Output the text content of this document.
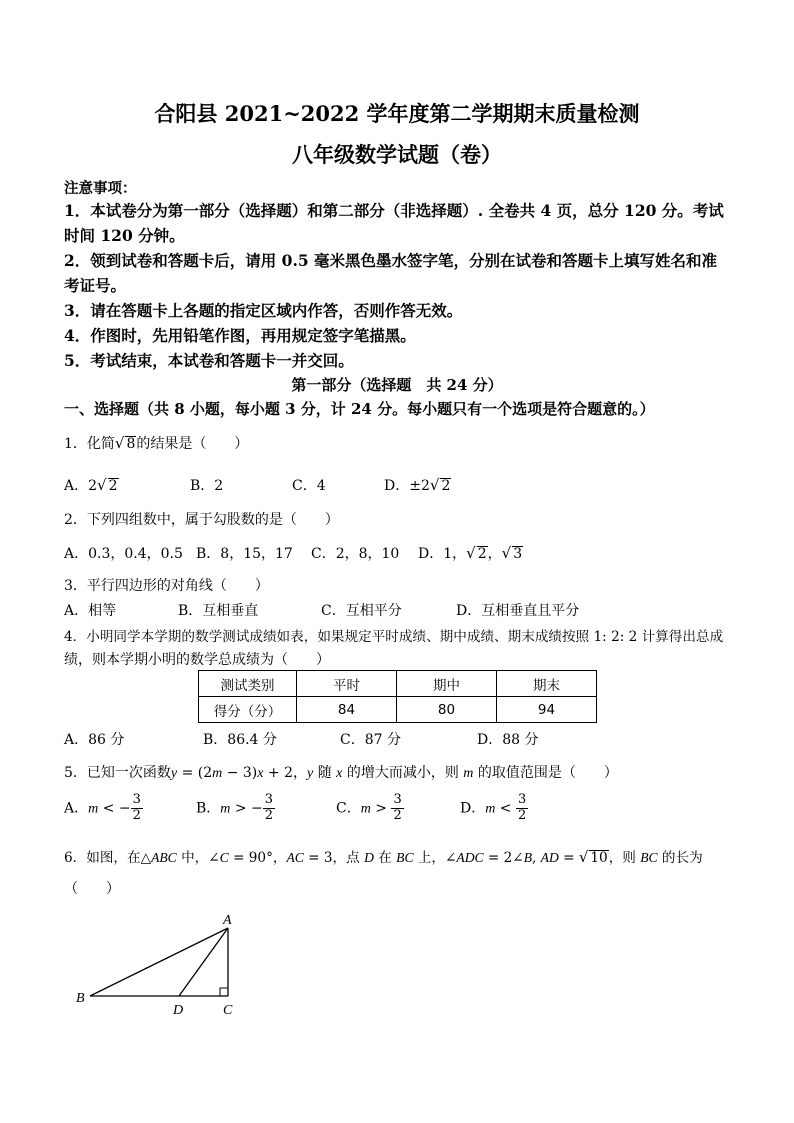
合阳县 2021~2022 学年度第二学期期末质量检测
八年级数学试题（卷）
注意事项：
1．本试卷分为第一部分（选择题）和第二部分（非选择题）. 全卷共 4 页，总分 120 分。考试
时间 120 分钟。
2．领到试卷和答题卡后，请用 0.5 毫米黑色墨水签字笔，分别在试卷和答题卡上填写姓名和准
考证号。
3．请在答题卡上各题的指定区域内作答，否则作答无效。
4．作图时，先用铅笔作图，再用规定签字笔描黑。
5．考试结束，本试卷和答题卡一并交回。
第一部分（选择题　共 24 分）
一、选择题（共 8 小题，每小题 3 分，计 24 分。每小题只有一个选项是符合题意的。）
1．化简√ 8的结果是（　　）
A．2√ 2	B．2	C．4	D．±2√ 2
2．下列四组数中，属于勾股数的是（　　）
A．0.3，0.4，0.5 B．8，15，17 C．2，8，10 D．1，√ 2，√ 3
3．平行四边形的对角线（　　）
A．相等	B．互相垂直	C．互相平分	D．互相垂直且平分
4．小明同学本学期的数学测试成绩如表，如果规定平时成绩、期中成绩、期末成绩按照 1: 2: 2 计算得出总成
绩，则本学期小明的数学总成绩为（　　）
测试类别	平时	期中	期末
得分（分）	84	80	94
A．86 分	B．86.4 分	C．87 分	D．88 分
5．已知一次函数y = (2m − 3)x + 2，y 随 x 的增大而减小，则 m 的取值范围是（　　）
A．m < − $\frac{3}{2}$	B．m > − $\frac{3}{2}$	C．$m > \frac{3}{2}$	D．$m < \frac{3}{2}$
6．如图，在△ABC 中，∠C = 90°，AC = 3，点 D 在 BC 上，∠ADC = 2∠B, AD = √ 10，则 BC 的长为
（　　）
A
B
C
D
